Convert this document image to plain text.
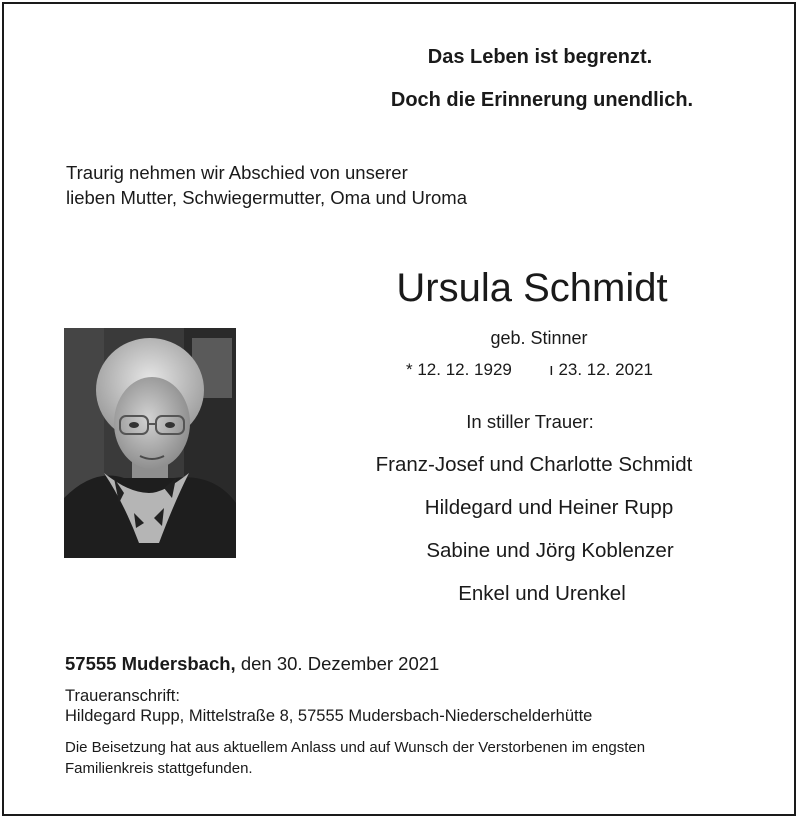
Das Leben ist begrenzt.
Doch die Erinnerung unendlich.
Traurig nehmen wir Abschied von unserer
lieben Mutter, Schwiegermutter, Oma und Uroma
Ursula Schmidt
geb. Stinner
* 12. 12. 1929 ı 23. 12. 2021
In stiller Trauer:
Franz-Josef und Charlotte Schmidt
Hildegard und Heiner Rupp
Sabine und Jörg Koblenzer
Enkel und Urenkel
57555 Mudersbach, den 30. Dezember 2021
Traueranschrift:
Hildegard Rupp, Mittelstraße 8, 57555 Mudersbach-Niederschelderhütte
Die Beisetzung hat aus aktuellem Anlass und auf Wunsch der Verstorbenen im engsten
Familienkreis stattgefunden.
